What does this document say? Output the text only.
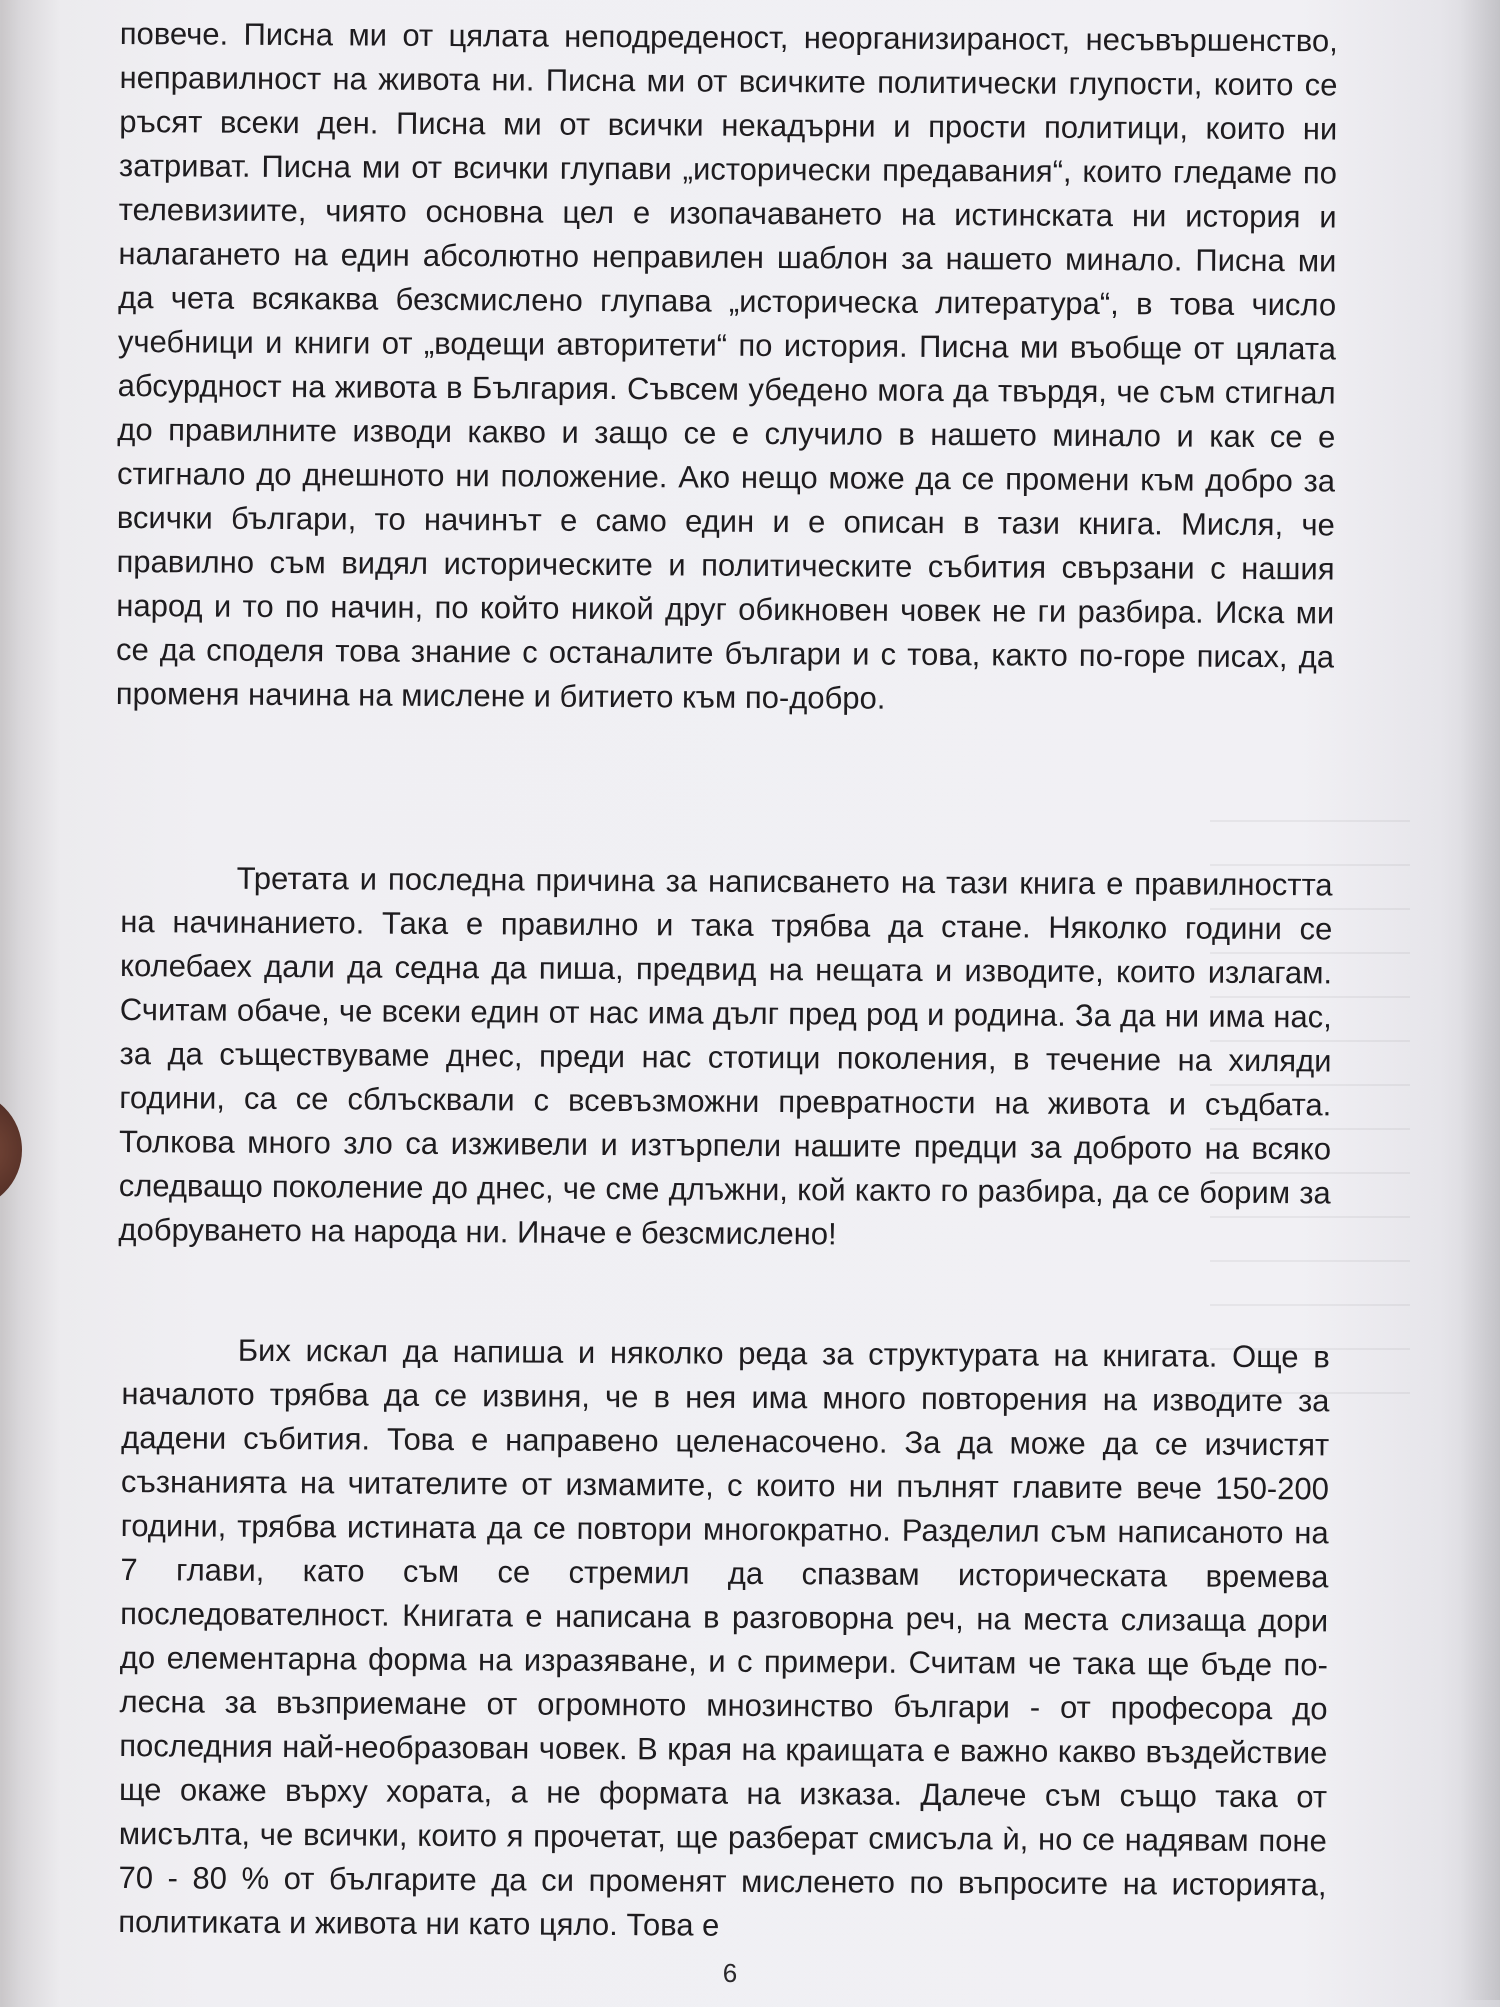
повече. Писна ми от цялата неподреденост, неорганизираност, несъвършенство, неправилност на живота ни. Писна ми от всичките политически глупости, които се ръсят всеки ден. Писна ми от всички некадърни и прости политици, които ни затриват. Писна ми от всички глупави „исторически предавания“, които гледаме по телевизиите, чиято основна цел е изопачаването на истинската ни история и налагането на един абсолютно неправилен шаблон за нашето минало. Писна ми да чета всякаква безсмислено глупава „историческа литература“, в това число учебници и книги от „водещи авторитети“ по история. Писна ми въобще от цялата абсурдност на живота в България. Съвсем убедено мога да твърдя, че съм стигнал до правилните изводи какво и защо се е случило в нашето минало и как се е стигнало до днешното ни положение. Ако нещо може да се промени към добро за всички българи, то начинът е само един и е описан в тази книга. Мисля, че правилно съм видял историческите и политическите събития свързани с нашия народ и то по начин, по който никой друг обикновен човек не ги разбира. Иска ми се да споделя това знание с останалите българи и с това, както по-горе писах, да променя начина на мислене и битието към по-добро.

Третата и последна причина за написването на тази книга е правилността на начинанието. Така е правилно и така трябва да стане. Няколко години се колебаех дали да седна да пиша, предвид на нещата и изводите, които излагам. Считам обаче, че всеки един от нас има дълг пред род и родина. За да ни има нас, за да съществуваме днес, преди нас стотици поколения, в течение на хиляди години, са се сблъсквали с всевъзможни превратности на живота и съдбата. Толкова много зло са изживели и изтърпели нашите предци за доброто на всяко следващо поколение до днес, че сме длъжни, кой както го разбира, да се борим за добруването на народа ни. Иначе е безсмислено!

Бих искал да напиша и няколко реда за структурата на книгата. Още в началото трябва да се извиня, че в нея има много повторения на изводите за дадени събития. Това е направено целенасочено. За да може да се изчистят съзнанията на читателите от измамите, с които ни пълнят главите вече 150-200 години, трябва истината да се повтори многократно. Разделил съм написаното на 7 глави, като съм се стремил да спазвам историческата времева последователност. Книгата е написана в разговорна реч, на места слизаща дори до елементарна форма на изразяване, и с примери. Считам че така ще бъде по-лесна за възприемане от огромното мнозинство българи - от професора до последния най-необразован човек. В края на краищата е важно какво въздействие ще окаже върху хората, а не формата на изказа. Далече съм също така от мисълта, че всички, които я прочетат, ще разберат смисъла ѝ, но се надявам поне 70 - 80 % от българите да си променят мисленето по въпросите на историята, политиката и живота ни като цяло. Това е

6
